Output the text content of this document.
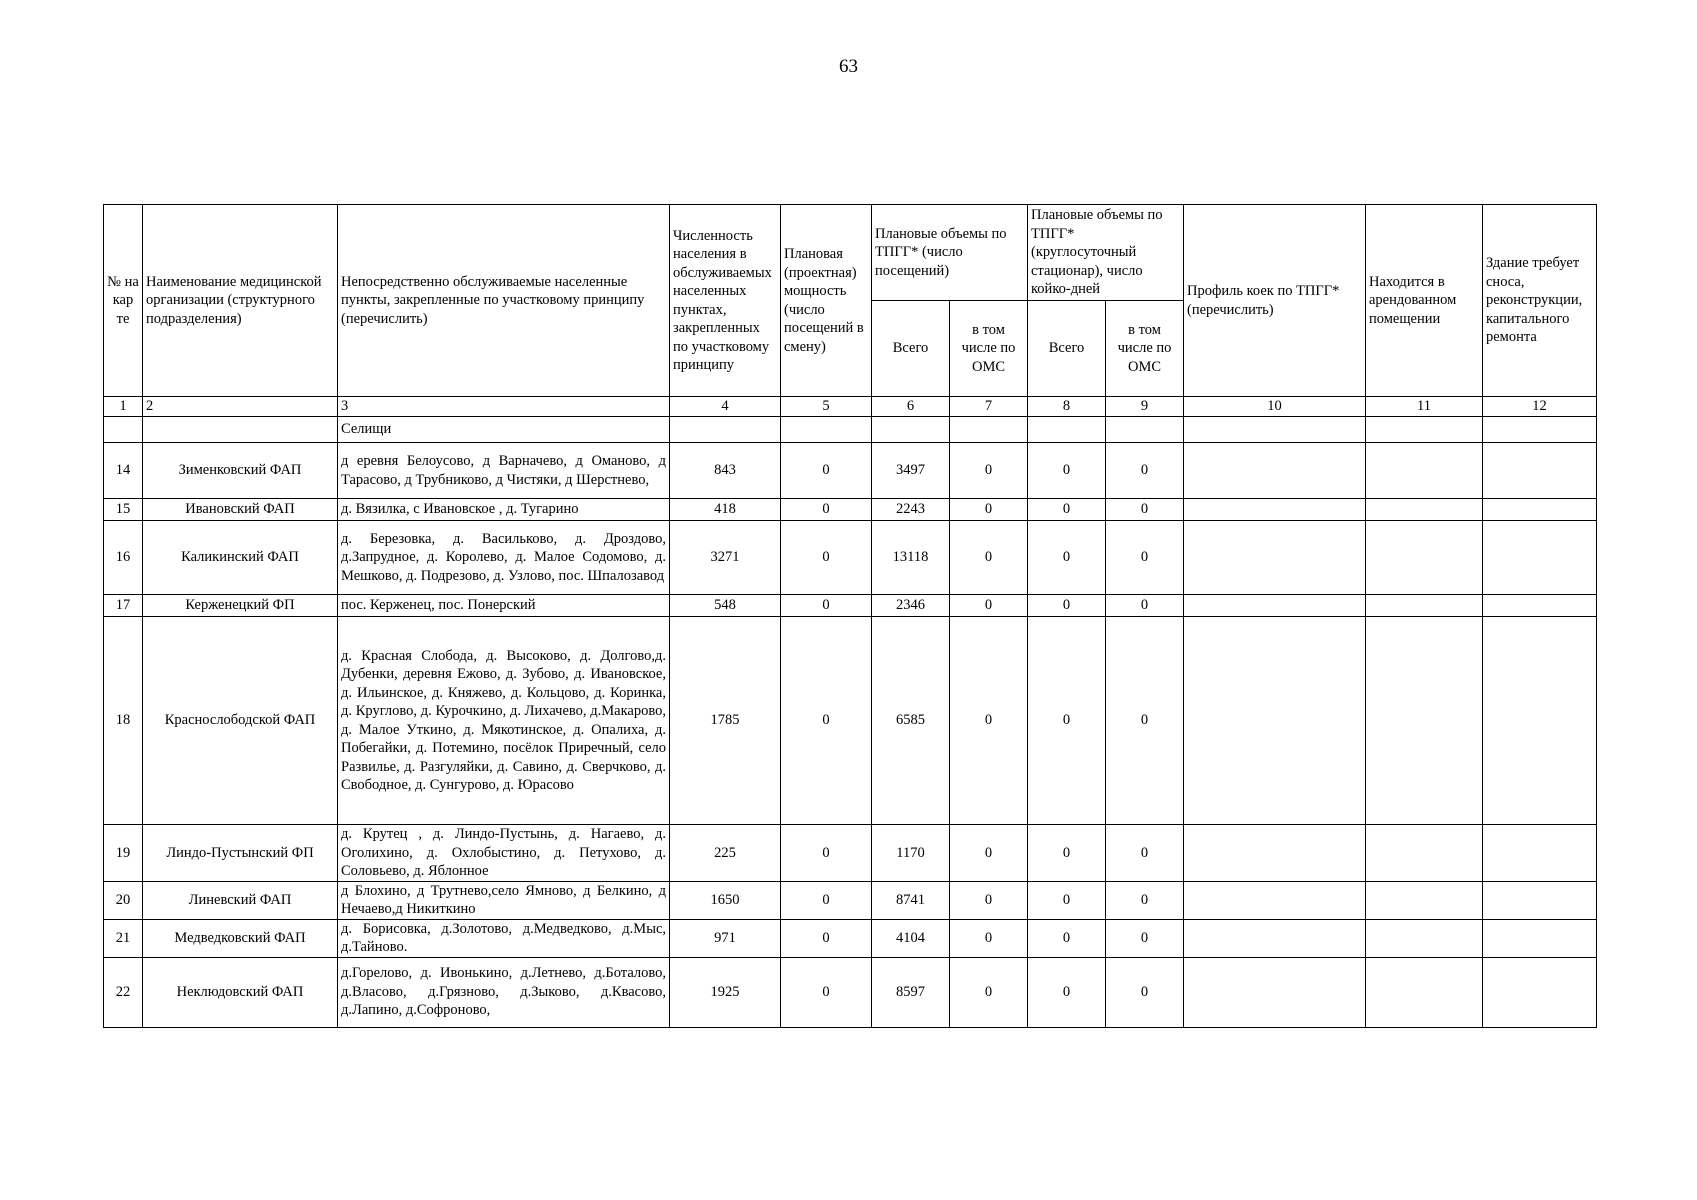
63
№ на кар те	Наименование медицинской организации (структурного подразделения)	Непосредственно обслуживаемые населенные пункты, закрепленные по участковому принципу (перечислить)	Численность населения в обслуживаемых населенных пунктах, закрепленных по участковому принципу	Плановая (проектная) мощность (число посещений в смену)	Плановые объемы по ТПГГ* (число посещений)		Плановые объемы по ТПГГ* (круглосуточный стационар), число койко-дней		Профиль коек по ТПГГ* (перечислить)	Находится в арендованном помещении	Здание требует сноса, реконструкции, капитального ремонта
					Всего	в том числе по ОМС	Всего	в том числе по ОМС			
1	2	3	4	5	6	7	8	9	10	11	12
		Селищи									
14	Зименковский ФАП	д еревня Белоусово, д Варначево, д Оманово, д Тарасово, д Трубниково, д Чистяки, д Шерстнево,	843	0	3497	0	0	0			
15	Ивановский ФАП	д. Вязилка, с Ивановское , д. Тугарино	418	0	2243	0	0	0			
16	Каликинский ФАП	д. Березовка, д. Васильково, д. Дроздово, д.Запрудное, д. Королево, д. Малое Содомово, д. Мешково, д. Подрезово, д. Узлово, пос. Шпалозавод	3271	0	13118	0	0	0			
17	Керженецкий ФП	пос. Керженец, пос. Понерский	548	0	2346	0	0	0			
18	Краснослободской ФАП	д. Красная Слобода, д. Высоково, д. Долгово,д. Дубенки, деревня Ежово, д. Зубово, д. Ивановское, д. Ильинское, д. Княжево, д. Кольцово, д. Коринка, д. Круглово, д. Курочкино, д. Лихачево, д.Макарово, д. Малое Уткино, д. Мякотинское, д. Опалиха, д. Побегайки, д. Потемино, посёлок Приречный, село Развилье, д. Разгуляйки, д. Савино, д. Сверчково, д. Свободное, д. Сунгурово, д. Юрасово	1785	0	6585	0	0	0			
19	Линдо-Пустынский ФП	д. Крутец , д. Линдо-Пустынь, д. Нагаево, д. Оголихино, д. Охлобыстино, д. Петухово, д. Соловьево, д. Яблонное	225	0	1170	0	0	0			
20	Линевский ФАП	д Блохино, д Трутнево,село Ямново, д Белкино, д Нечаево,д Никиткино	1650	0	8741	0	0	0			
21	Медведковский ФАП	д. Борисовка, д.Золотово, д.Медведково, д.Мыс, д.Тайново.	971	0	4104	0	0	0			
22	Неклюдовский ФАП	д.Горелово, д. Ивонькино, д.Летнево, д.Боталово, д.Власово, д.Грязново, д.Зыково, д.Квасово, д.Лапино, д.Софроново,	1925	0	8597	0	0	0			
